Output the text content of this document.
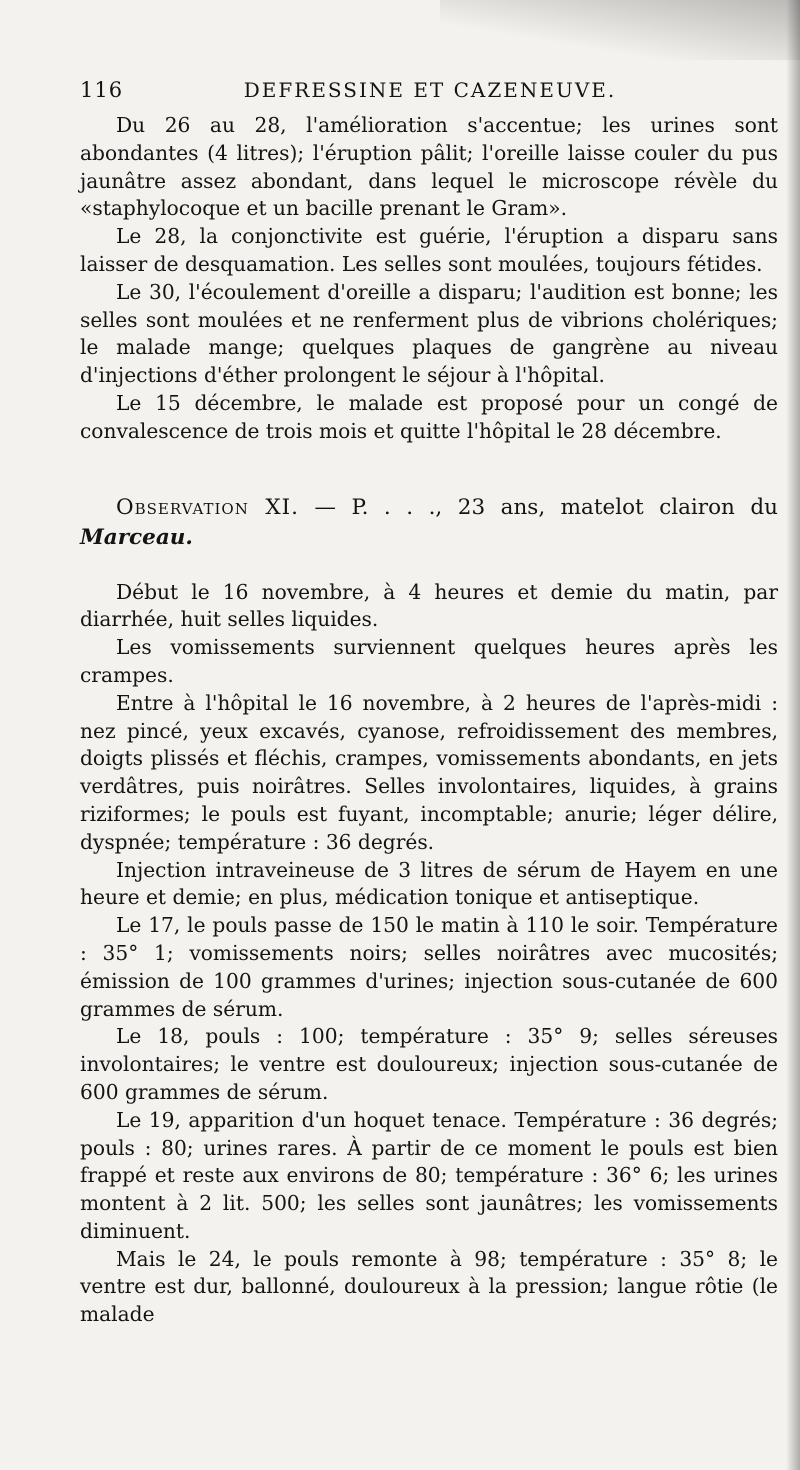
116	DEFRESSINE ET CAZENEUVE.

Du 26 au 28, l'amélioration s'accentue; les urines sont abondantes (4 litres); l'éruption pâlit; l'oreille laisse couler du pus jaunâtre assez abondant, dans lequel le microscope révèle du «staphylocoque et un bacille prenant le Gram».

Le 28, la conjonctivite est guérie, l'éruption a disparu sans laisser de desquamation. Les selles sont moulées, toujours fétides.

Le 30, l'écoulement d'oreille a disparu; l'audition est bonne; les selles sont moulées et ne renferment plus de vibrions cholériques; le malade mange; quelques plaques de gangrène au niveau d'injections d'éther prolongent le séjour à l'hôpital.

Le 15 décembre, le malade est proposé pour un congé de convalescence de trois mois et quitte l'hôpital le 28 décembre.

Observation XI. — P. . . ., 23 ans, matelot clairon du Marceau.

Début le 16 novembre, à 4 heures et demie du matin, par diarrhée, huit selles liquides.

Les vomissements surviennent quelques heures après les crampes.

Entre à l'hôpital le 16 novembre, à 2 heures de l'après-midi : nez pincé, yeux excavés, cyanose, refroidissement des membres, doigts plissés et fléchis, crampes, vomissements abondants, en jets verdâtres, puis noirâtres. Selles involontaires, liquides, à grains riziformes; le pouls est fuyant, incomptable; anurie; léger délire, dyspnée; température : 36 degrés.

Injection intraveineuse de 3 litres de sérum de Hayem en une heure et demie; en plus, médication tonique et antiseptique.

Le 17, le pouls passe de 150 le matin à 110 le soir. Température : 35° 1; vomissements noirs; selles noirâtres avec mucosités; émission de 100 grammes d'urines; injection sous-cutanée de 600 grammes de sérum.

Le 18, pouls : 100; température : 35° 9; selles séreuses involontaires; le ventre est douloureux; injection sous-cutanée de 600 grammes de sérum.

Le 19, apparition d'un hoquet tenace. Température : 36 degrés; pouls : 80; urines rares. À partir de ce moment le pouls est bien frappé et reste aux environs de 80; température : 36° 6; les urines montent à 2 lit. 500; les selles sont jaunâtres; les vomissements diminuent.

Mais le 24, le pouls remonte à 98; température : 35° 8; le ventre est dur, ballonné, douloureux à la pression; langue rôtie (le malade
